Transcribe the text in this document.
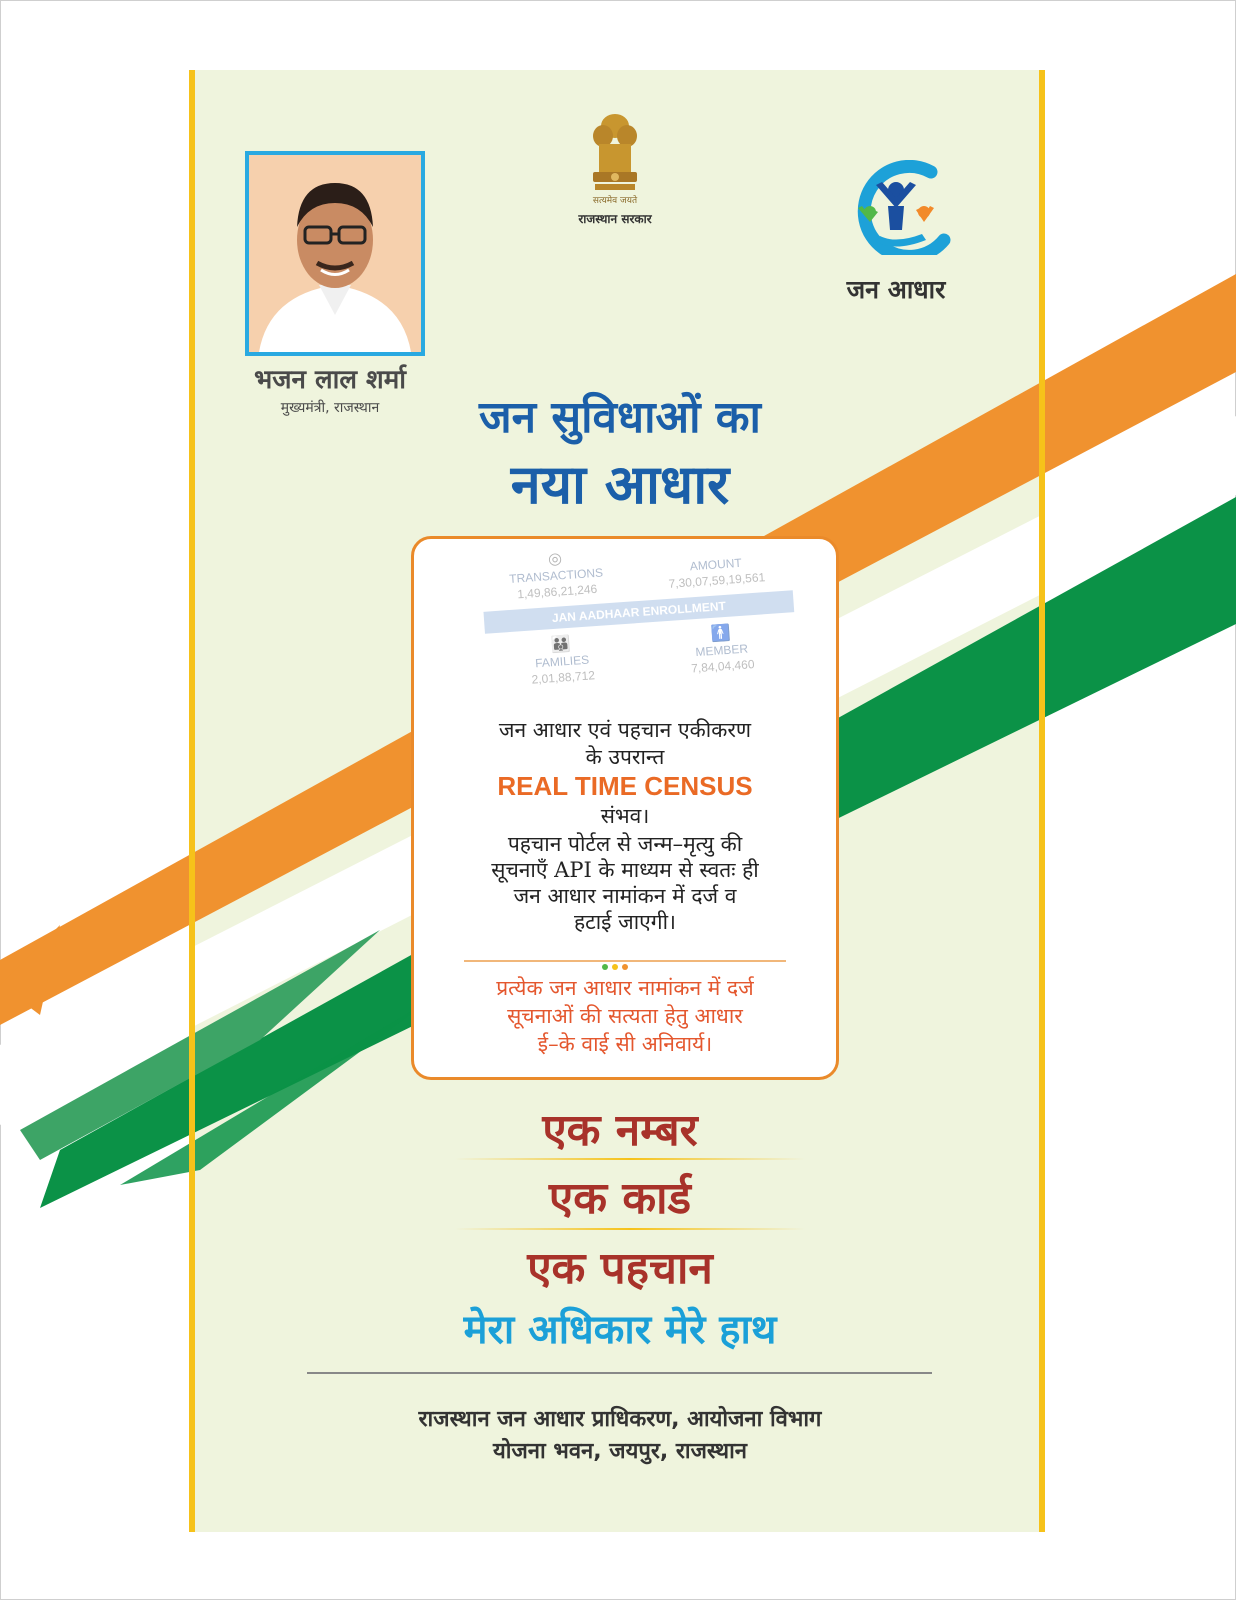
भजन लाल शर्मा
मुख्यमंत्री, राजस्थान
सत्यमेव जयते
राजस्थान सरकार
जन आधार
जन सुविधाओं का
नया आधार
◎
TRANSACTIONS
1,49,86,21,246
AMOUNT
7,30,07,59,19,561
JAN AADHAAR ENROLLMENT
👪
FAMILIES
2,01,88,712
🚹
MEMBER
7,84,04,460
जन आधार एवं पहचान एकीकरण
के उपरान्त
REAL TIME CENSUS
संभव।
पहचान पोर्टल से जन्म–मृत्यु की
सूचनाएँ API के माध्यम से स्वतः ही
जन आधार नामांकन में दर्ज व
हटाई जाएगी।
प्रत्येक जन आधार नामांकन में दर्ज
सूचनाओं की सत्यता हेतु आधार
ई–के वाई सी अनिवार्य।
एक नम्बर
एक कार्ड
एक पहचान
मेरा अधिकार मेरे हाथ
राजस्थान जन आधार प्राधिकरण, आयोजना विभाग
योजना भवन, जयपुर, राजस्थान
